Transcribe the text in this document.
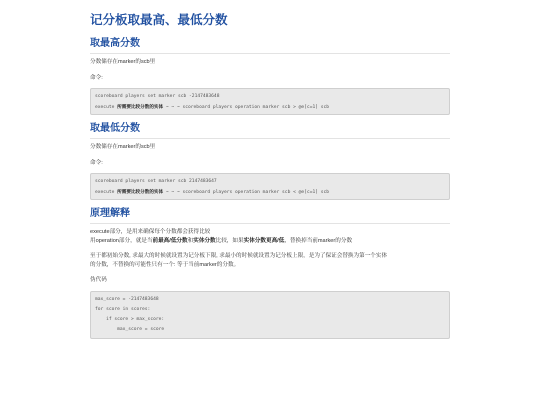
记分板取最高、最低分数
取最高分数
分数储存在marker的scb里
命令:
scoreboard players set marker scb -2147483648
execute 所需要比较分数的实体 ~ ~ ~ scoreboard players operation marker scb > @e[c=1] scb
取最低分数
分数储存在marker的scb里
命令:
scoreboard players set marker scb 2147483647
execute 所需要比较分数的实体 ~ ~ ~ scoreboard players operation marker scb < @e[c=1] scb
原理解释
execute部分，是用来确保每个分数都会获得比较
用operation部分，就是当前最高/低分数和实体分数比较，如果实体分数更高/低，替换掉当前marker的分数
至于都初始分数, 求最大的时候就设置为记分板下限, 求最小的时候就设置为记分板上限，是为了保证会替换为第一个实体
的分数，不替换的可能性只有一个: 等于当前marker的分数。
伪代码
max_score = -2147483648
for score in scores:
if score > max_score:
max_score = score
